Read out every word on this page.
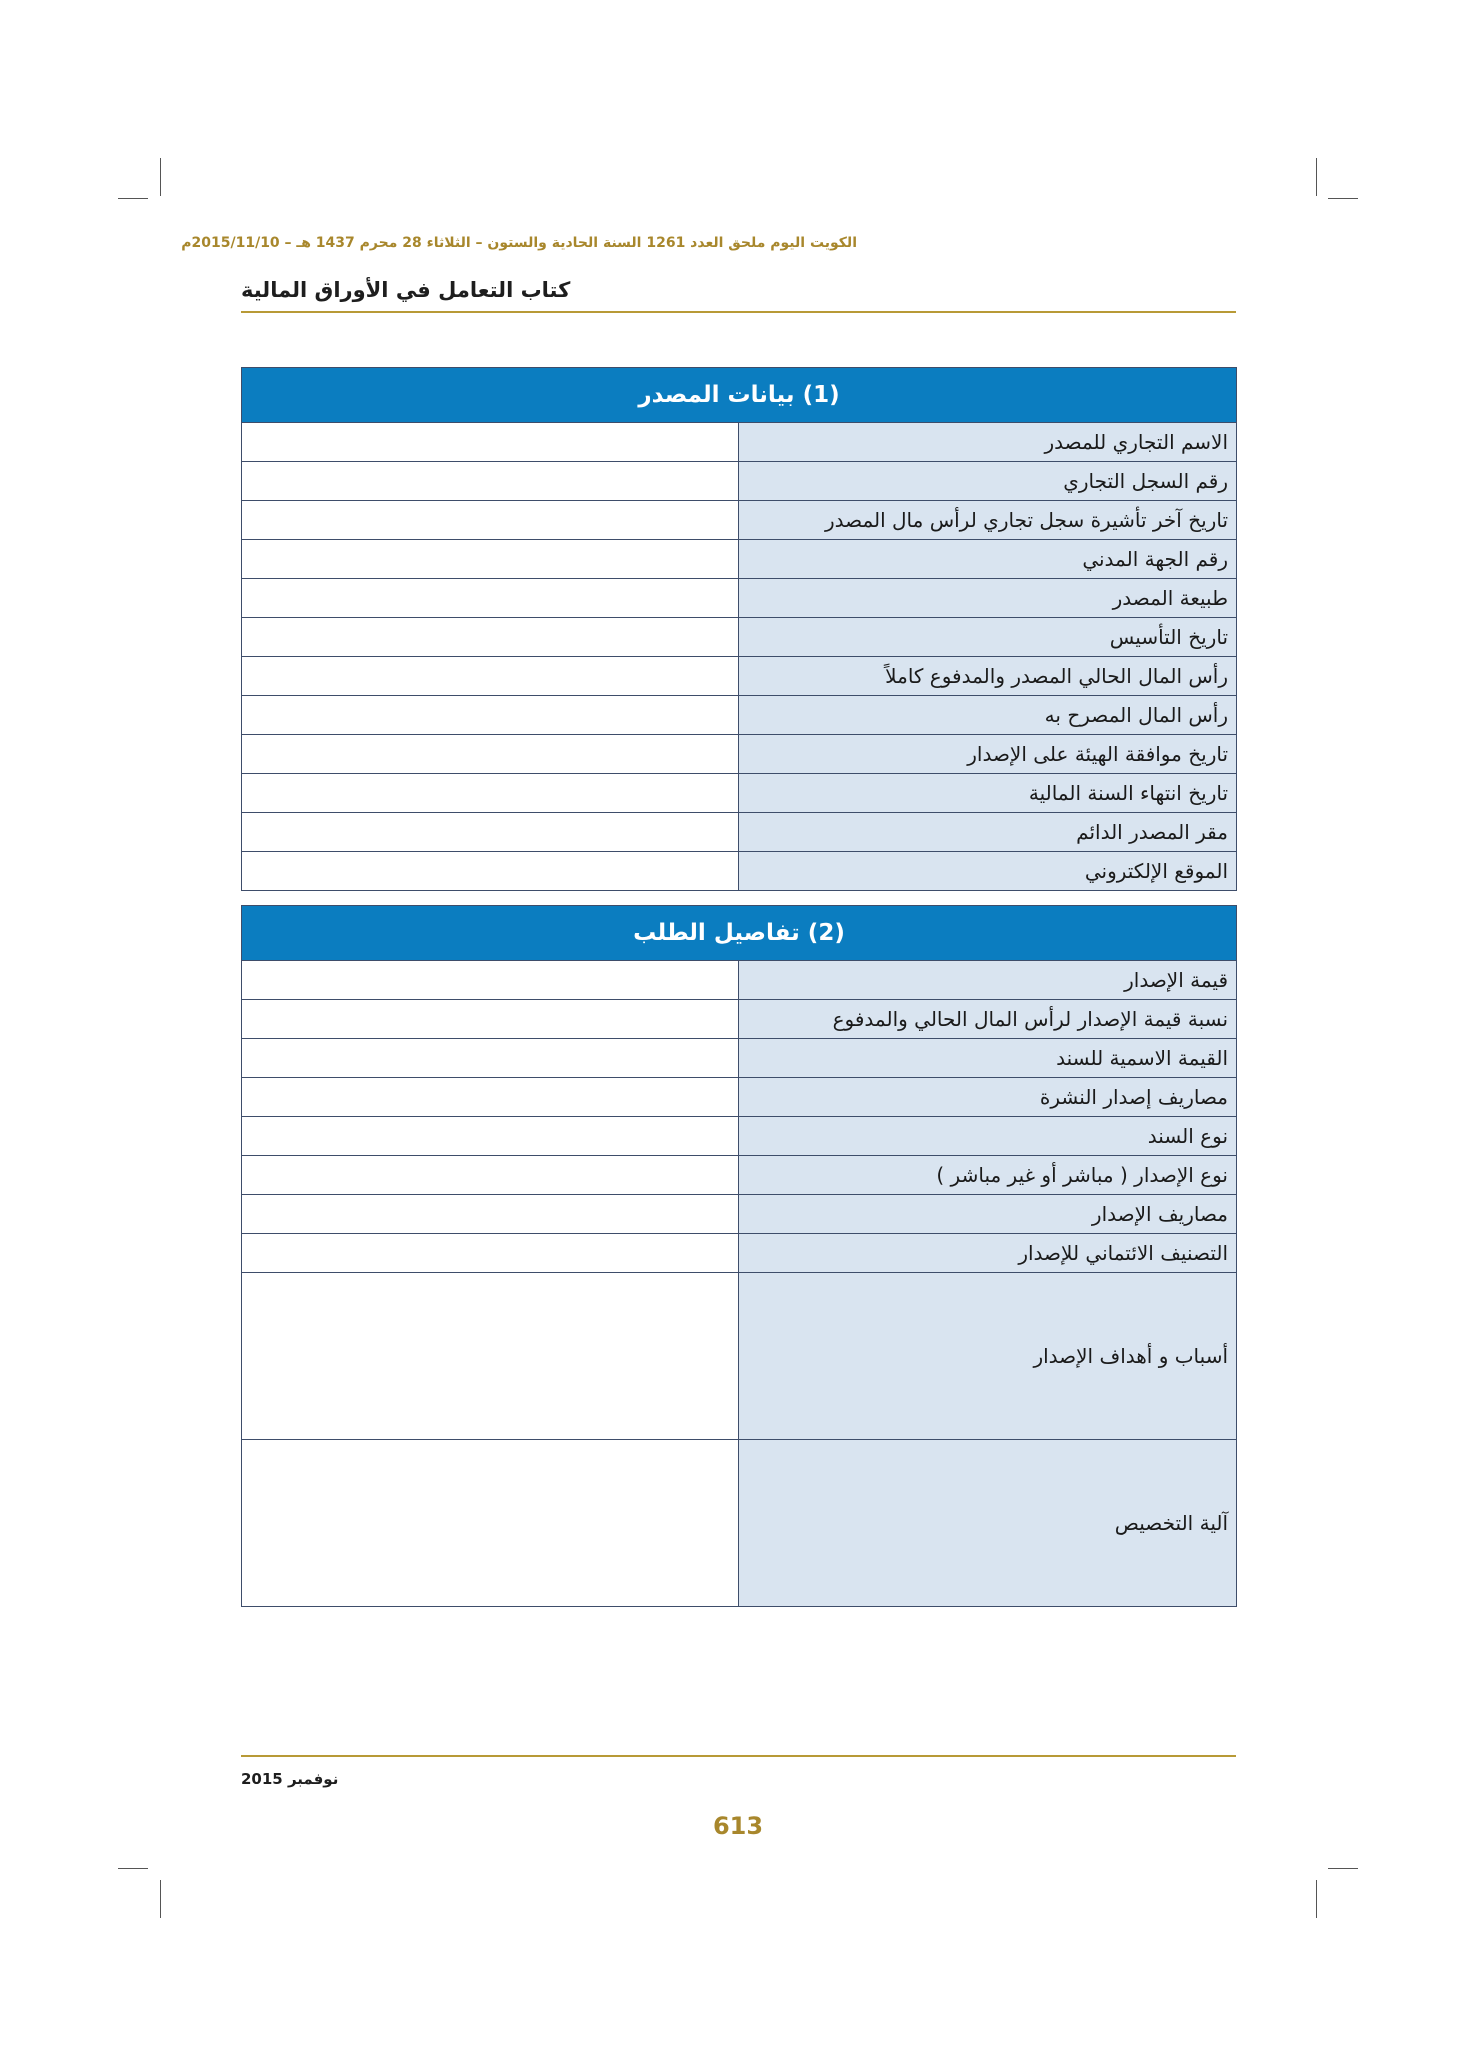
الكويت اليوم ملحق العدد 1261 السنة الحادية والستون – الثلاثاء 28 محرم 1437 هـ – 2015/11/10م
كتاب التعامل في الأوراق المالية
(1) بيانات المصدر	
	الاسم التجاري للمصدر
	رقم السجل التجاري
	تاريخ آخر تأشيرة سجل تجاري لرأس مال المصدر
	رقم الجهة المدني
	طبيعة المصدر
	تاريخ التأسيس
	رأس المال الحالي المصدر والمدفوع كاملاً
	رأس المال المصرح به
	تاريخ موافقة الهيئة على الإصدار
	تاريخ انتهاء السنة المالية
	مقر المصدر الدائم
	الموقع الإلكتروني
(2) تفاصيل الطلب	
	قيمة الإصدار
	نسبة قيمة الإصدار لرأس المال الحالي والمدفوع
	القيمة الاسمية للسند
	مصاريف إصدار النشرة
	نوع السند
	نوع الإصدار ( مباشر أو غير مباشر )
	مصاريف الإصدار
	التصنيف الائتماني للإصدار
	أسباب و أهداف الإصدار
	آلية التخصيص
نوفمبر 2015
613
